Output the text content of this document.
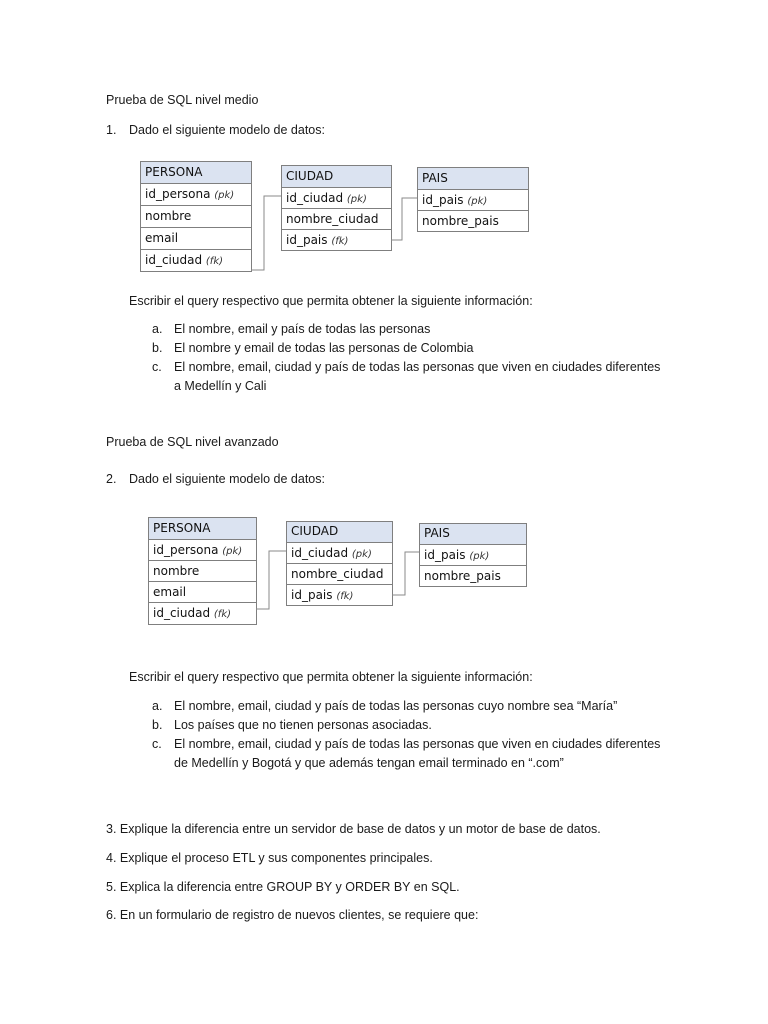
Prueba de SQL nivel medio
1. Dado el siguiente modelo de datos:
PERSONA
id_persona (pk)
nombre
email
id_ciudad (fk)
CIUDAD
id_ciudad (pk)
nombre_ciudad
id_pais (fk)
PAIS
id_pais (pk)
nombre_pais
Escribir el query respectivo que permita obtener la siguiente información:
a. El nombre, email y país de todas las personas
b. El nombre y email de todas las personas de Colombia
c. El nombre, email, ciudad y país de todas las personas que viven en ciudades diferentes
a Medellín y Cali
Prueba de SQL nivel avanzado
2. Dado el siguiente modelo de datos:
PERSONA
id_persona (pk)
nombre
email
id_ciudad (fk)
CIUDAD
id_ciudad (pk)
nombre_ciudad
id_pais (fk)
PAIS
id_pais (pk)
nombre_pais
Escribir el query respectivo que permita obtener la siguiente información:
a. El nombre, email, ciudad y país de todas las personas cuyo nombre sea “María”
b. Los países que no tienen personas asociadas.
c. El nombre, email, ciudad y país de todas las personas que viven en ciudades diferentes
de Medellín y Bogotá y que además tengan email terminado en “.com”
3. Explique la diferencia entre un servidor de base de datos y un motor de base de datos.
4. Explique el proceso ETL y sus componentes principales.
5. Explica la diferencia entre GROUP BY y ORDER BY en SQL.
6. En un formulario de registro de nuevos clientes, se requiere que:
